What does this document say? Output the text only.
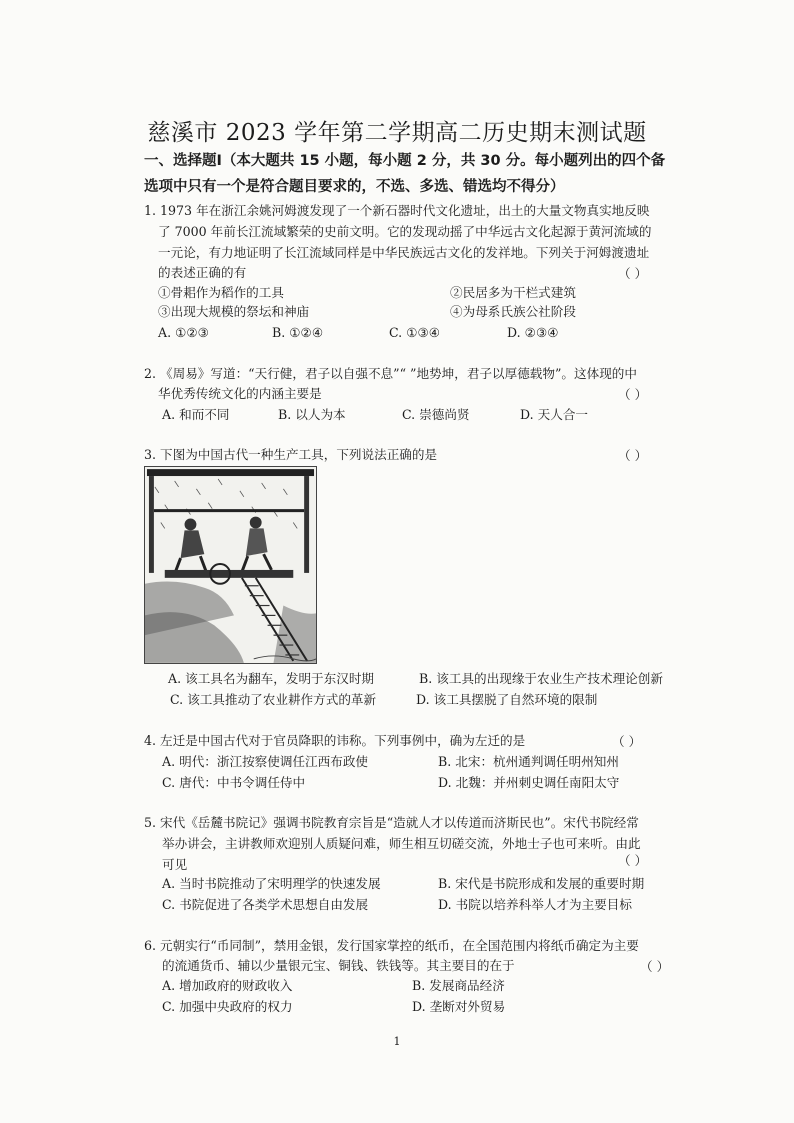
慈溪市 2023 学年第二学期高二历史期末测试题
一、选择题Ⅰ（本大题共 15 小题，每小题 2 分，共 30 分。每小题列出的四个备
选项中只有一个是符合题目要求的，不选、多选、错选均不得分）
1. 1973 年在浙江余姚河姆渡发现了一个新石器时代文化遗址，出土的大量文物真实地反映
了 7000 年前长江流域繁荣的史前文明。它的发现动摇了中华远古文化起源于黄河流域的
一元论，有力地证明了长江流域同样是中华民族远古文化的发祥地。下列关于河姆渡遗址
的表述正确的有	（ ）
①骨耜作为稻作的工具	②民居多为干栏式建筑
③出现大规模的祭坛和神庙	④为母系氏族公社阶段
A. ①②③	B. ①②④	C. ①③④	D. ②③④
2. 《周易》写道：“天行健，君子以自强不息”“ ”地势坤，君子以厚德载物”。这体现的中
华优秀传统文化的内涵主要是	（ ）
A. 和而不同	B. 以人为本	C. 崇德尚贤	D. 天人合一
3. 下图为中国古代一种生产工具，下列说法正确的是	（ ）
A. 该工具名为翻车，发明于东汉时期	B. 该工具的出现缘于农业生产技术理论创新
C. 该工具推动了农业耕作方式的革新	D. 该工具摆脱了自然环境的限制
4. 左迁是中国古代对于官员降职的讳称。下列事例中，确为左迁的是	（ ）
A. 明代：浙江按察使调任江西布政使	B. 北宋：杭州通判调任明州知州
C. 唐代：中书令调任侍中	D. 北魏：并州刺史调任南阳太守
5. 宋代《岳麓书院记》强调书院教育宗旨是“造就人才以传道而济斯民也”。宋代书院经常
举办讲会，主讲教师欢迎别人质疑问难，师生相互切磋交流，外地士子也可来听。由此
可见	（ ）
A. 当时书院推动了宋明理学的快速发展	B. 宋代是书院形成和发展的重要时期
C. 书院促进了各类学术思想自由发展	D. 书院以培养科举人才为主要目标
6. 元朝实行“币同制”，禁用金银，发行国家掌控的纸币，在全国范围内将纸币确定为主要
的流通货币、辅以少量银元宝、铜钱、铁钱等。其主要目的在于	（ ）
A. 增加政府的财政收入	B. 发展商品经济
C. 加强中央政府的权力	D. 垄断对外贸易
1
